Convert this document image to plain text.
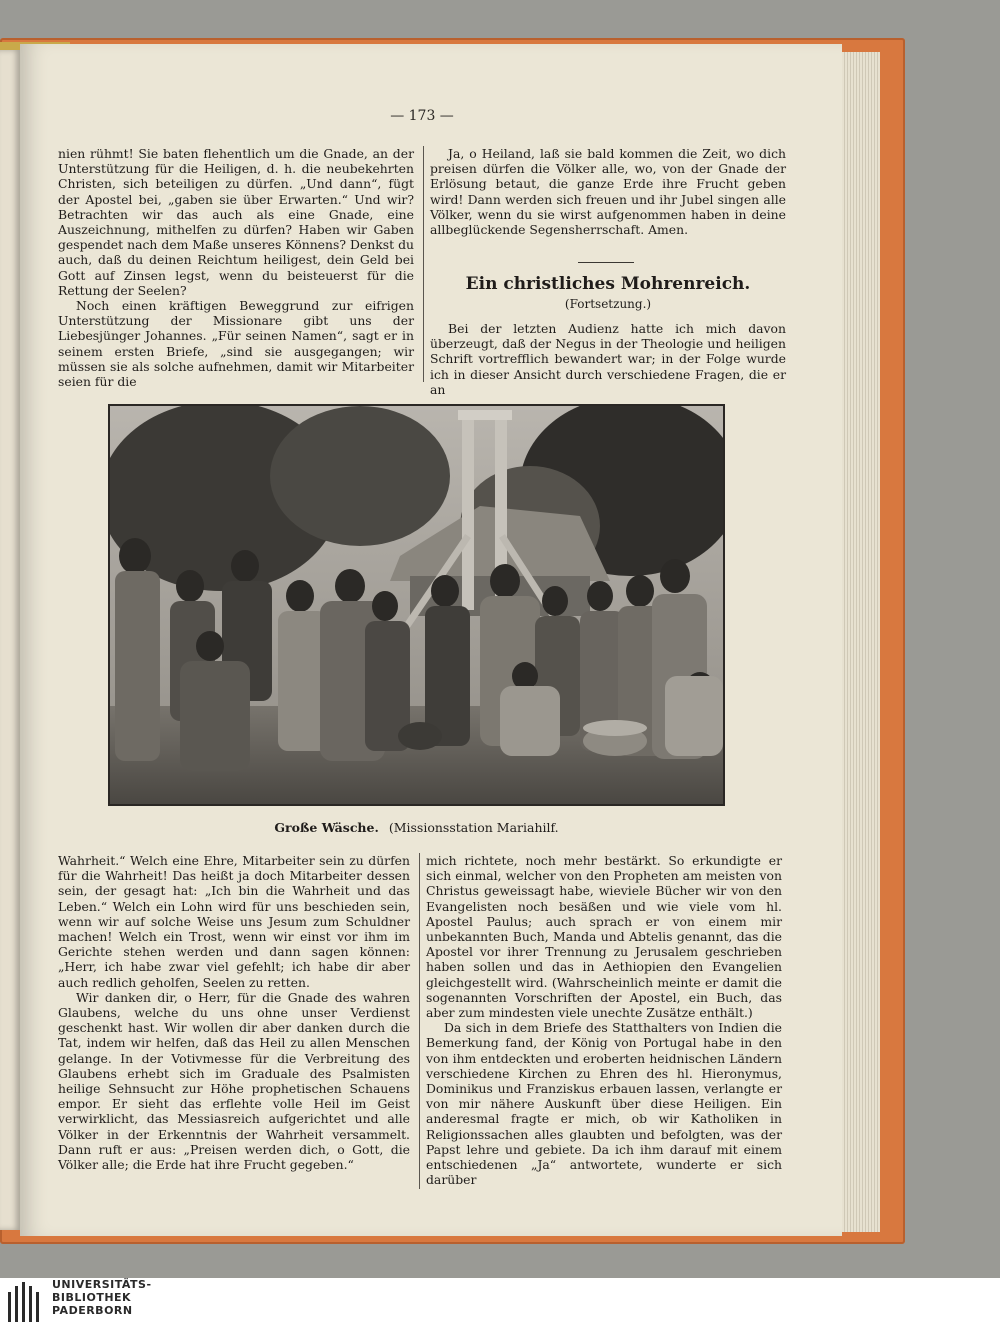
— 173 —

nien rühmt! Sie baten flehentlich um die Gnade, an der Unterstützung für die Heiligen, d. h. die neubekehrten Christen, sich beteiligen zu dürfen. „Und dann“, fügt der Apostel bei, „gaben sie über Erwarten.“ Und wir? Betrachten wir das auch als eine Gnade, eine Auszeichnung, mithelfen zu dürfen? Haben wir Gaben gespendet nach dem Maße unseres Könnens? Denkst du auch, daß du deinen Reichtum heiligest, dein Geld bei Gott auf Zinsen legst, wenn du beisteuerst für die Rettung der Seelen?

Noch einen kräftigen Beweggrund zur eifrigen Unterstützung der Missionare gibt uns der Liebesjünger Johannes. „Für seinen Namen“, sagt er in seinem ersten Briefe, „sind sie ausgegangen; wir müssen sie als solche aufnehmen, damit wir Mitarbeiter seien für die

Ja, o Heiland, laß sie bald kommen die Zeit, wo dich preisen dürfen die Völker alle, wo, von der Gnade der Erlösung betaut, die ganze Erde ihre Frucht geben wird! Dann werden sich freuen und ihr Jubel singen alle Völker, wenn du sie wirst aufgenommen haben in deine allbeglückende Segensherrschaft. Amen.

Ein christliches Mohrenreich.
(Fortsetzung.)

Bei der letzten Audienz hatte ich mich davon überzeugt, daß der Negus in der Theologie und heiligen Schrift vortrefflich bewandert war; in der Folge wurde ich in dieser Ansicht durch verschiedene Fragen, die er an

Große Wäsche. (Missionsstation Mariahilf.

Wahrheit.“ Welch eine Ehre, Mitarbeiter sein zu dürfen für die Wahrheit! Das heißt ja doch Mitarbeiter dessen sein, der gesagt hat: „Ich bin die Wahrheit und das Leben.“ Welch ein Lohn wird für uns beschieden sein, wenn wir auf solche Weise uns Jesum zum Schuldner machen! Welch ein Trost, wenn wir einst vor ihm im Gerichte stehen werden und dann sagen können: „Herr, ich habe zwar viel gefehlt; ich habe dir aber auch redlich geholfen, Seelen zu retten.

Wir danken dir, o Herr, für die Gnade des wahren Glaubens, welche du uns ohne unser Verdienst geschenkt hast. Wir wollen dir aber danken durch die Tat, indem wir helfen, daß das Heil zu allen Menschen gelange. In der Votivmesse für die Verbreitung des Glaubens erhebt sich im Graduale des Psalmisten heilige Sehnsucht zur Höhe prophetischen Schauens empor. Er sieht das erflehte volle Heil im Geist verwirklicht, das Messiasreich aufgerichtet und alle Völker in der Erkenntnis der Wahrheit versammelt. Dann ruft er aus: „Preisen werden dich, o Gott, die Völker alle; die Erde hat ihre Frucht gegeben.“

mich richtete, noch mehr bestärkt. So erkundigte er sich einmal, welcher von den Propheten am meisten von Christus geweissagt habe, wieviele Bücher wir von den Evangelisten noch besäßen und wie viele vom hl. Apostel Paulus; auch sprach er von einem mir unbekannten Buch, Manda und Abtelis genannt, das die Apostel vor ihrer Trennung zu Jerusalem geschrieben haben sollen und das in Aethiopien den Evangelien gleichgestellt wird. (Wahrscheinlich meinte er damit die sogenannten Vorschriften der Apostel, ein Buch, das aber zum mindesten viele unechte Zusätze enthält.)

Da sich in dem Briefe des Statthalters von Indien die Bemerkung fand, der König von Portugal habe in den von ihm entdeckten und eroberten heidnischen Ländern verschiedene Kirchen zu Ehren des hl. Hieronymus, Dominikus und Franziskus erbauen lassen, verlangte er von mir nähere Auskunft über diese Heiligen. Ein anderesmal fragte er mich, ob wir Katholiken in Religionssachen alles glaubten und befolgten, was der Papst lehre und gebiete. Da ich ihm darauf mit einem entschiedenen „Ja“ antwortete, wunderte er sich darüber

UNIVERSITÄTS-
BIBLIOTHEK
PADERBORN
